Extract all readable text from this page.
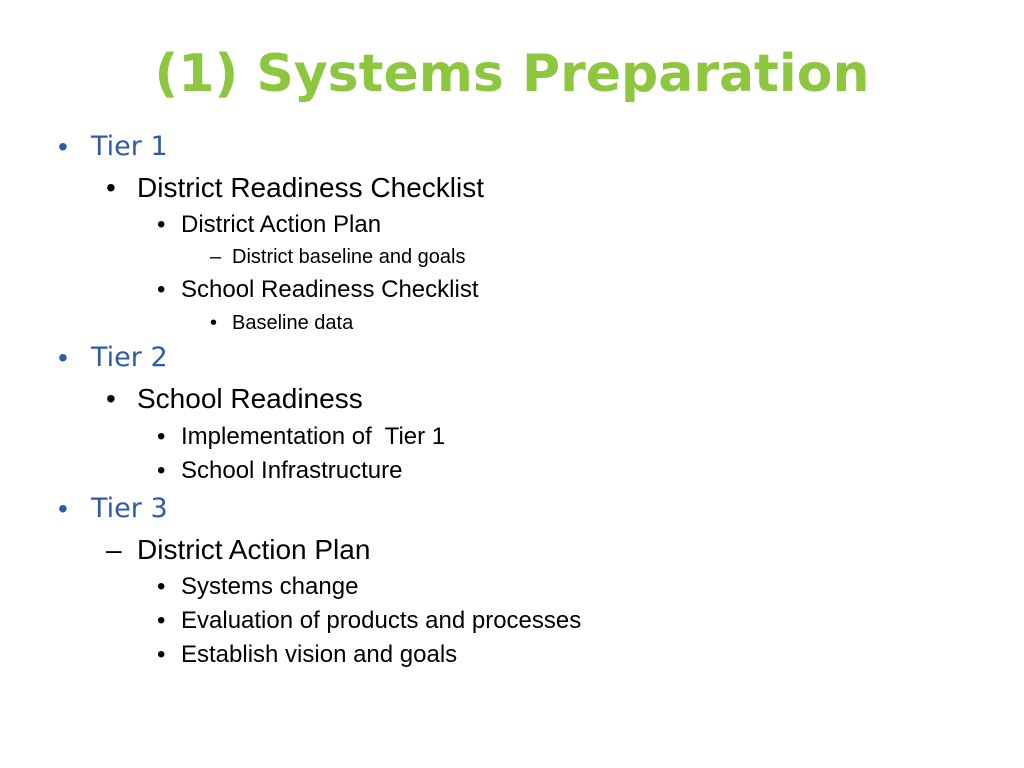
(1) Systems Preparation
• Tier 1
• District Readiness Checklist
• District Action Plan
– District baseline and goals
• School Readiness Checklist
• Baseline data
• Tier 2
• School Readiness
• Implementation of  Tier 1
• School Infrastructure
• Tier 3
– District Action Plan
• Systems change
• Evaluation of products and processes
• Establish vision and goals
